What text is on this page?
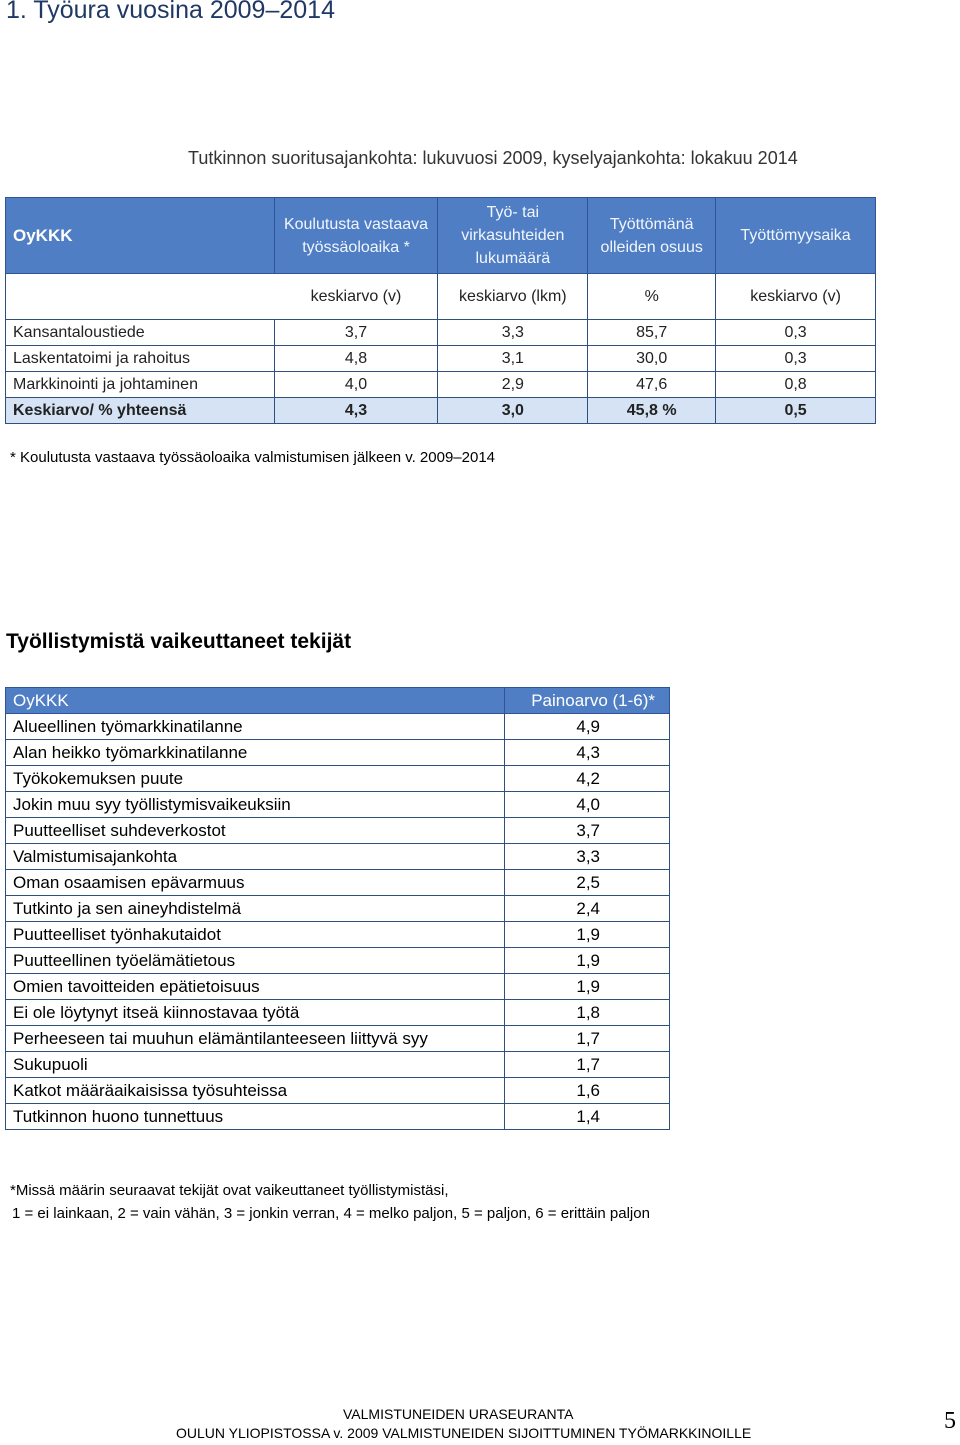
1. Työura vuosina 2009–2014
Tutkinnon suoritusajankohta: lukuvuosi 2009, kyselyajankohta: lokakuu 2014
OyKKK	Koulutusta vastaava työssäoloaika *	Työ- tai virkasuhteiden lukumäärä	Työttömänä olleiden osuus	Työttömyysaika
	keskiarvo (v)	keskiarvo (lkm)	%	keskiarvo (v)
Kansantaloustiede	3,7	3,3	85,7	0,3
Laskentatoimi ja rahoitus	4,8	3,1	30,0	0,3
Markkinointi ja johtaminen	4,0	2,9	47,6	0,8
Keskiarvo/ % yhteensä	4,3	3,0	45,8 %	0,5
* Koulutusta vastaava työssäoloaika valmistumisen jälkeen v. 2009–2014
Työllistymistä vaikeuttaneet tekijät
OyKKK	Painoarvo (1-6)*
Alueellinen työmarkkinatilanne	4,9
Alan heikko työmarkkinatilanne	4,3
Työkokemuksen puute	4,2
Jokin muu syy työllistymisvaikeuksiin	4,0
Puutteelliset suhdeverkostot	3,7
Valmistumisajankohta	3,3
Oman osaamisen epävarmuus	2,5
Tutkinto ja sen aineyhdistelmä	2,4
Puutteelliset työnhakutaidot	1,9
Puutteellinen työelämätietous	1,9
Omien tavoitteiden epätietoisuus	1,9
Ei ole löytynyt itseä kiinnostavaa työtä	1,8
Perheeseen tai muuhun elämäntilanteeseen liittyvä syy	1,7
Sukupuoli	1,7
Katkot määräaikaisissa työsuhteissa	1,6
Tutkinnon huono tunnettuus	1,4
*Missä määrin seuraavat tekijät ovat vaikeuttaneet työllistymistäsi,
1 = ei lainkaan, 2 = vain vähän, 3 = jonkin verran, 4 = melko paljon, 5 = paljon, 6 = erittäin paljon
VALMISTUNEIDEN URASEURANTA
OULUN YLIOPISTOSSA v. 2009 VALMISTUNEIDEN SIJOITTUMINEN TYÖMARKKINOILLE	5
